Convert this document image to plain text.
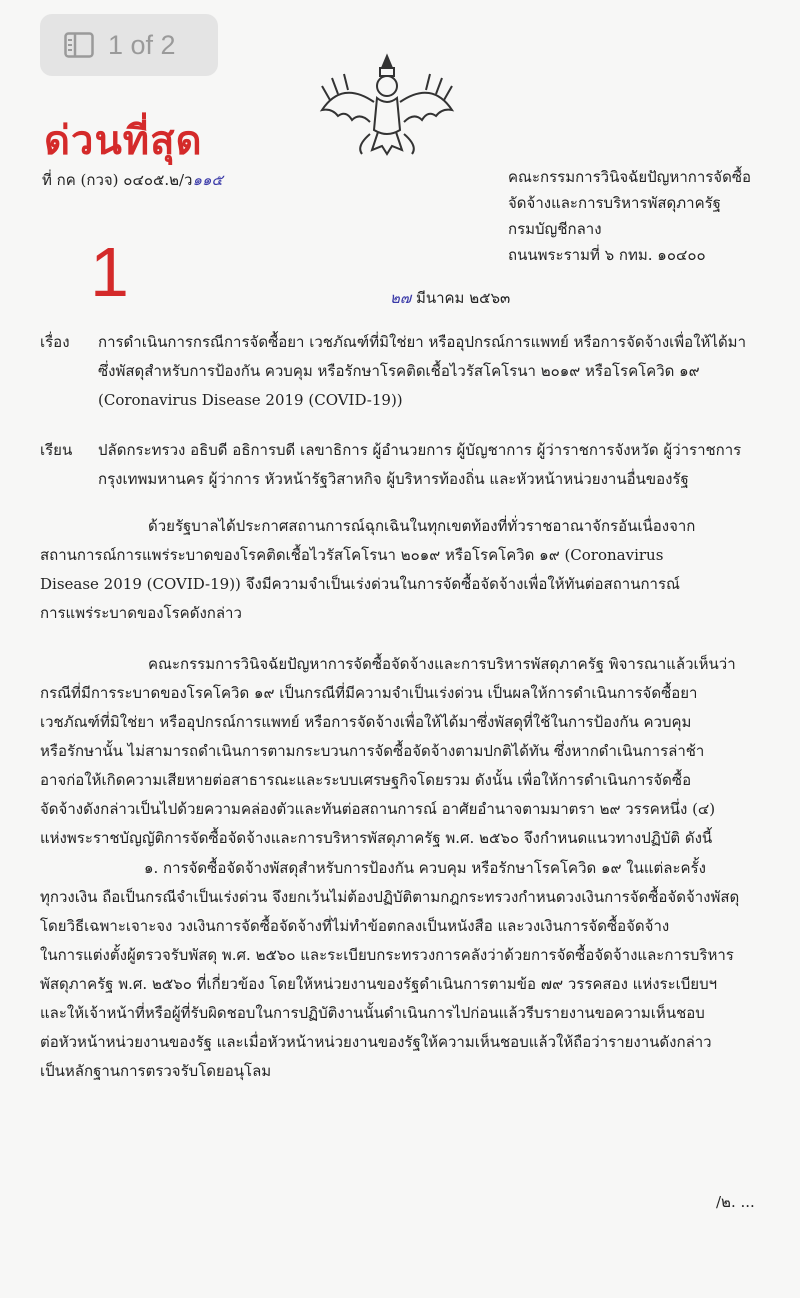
1 of 2
ด่วนที่สุด
ที่ กค (กวจ) ๐๔๐๕.๒/ว๑๑๕	คณะกรรมการวินิจฉัยปัญหาการจัดซื้อ
จัดจ้างและการบริหารพัสดุภาครัฐ
กรมบัญชีกลาง
ถนนพระรามที่ ๖ กทม. ๑๐๔๐๐
1	๒๗ มีนาคม ๒๕๖๓
เรื่อง การดำเนินการกรณีการจัดซื้อยา เวชภัณฑ์ที่มิใช่ยา หรืออุปกรณ์การแพทย์ หรือการจัดจ้างเพื่อให้ได้มา
ซึ่งพัสดุสำหรับการป้องกัน ควบคุม หรือรักษาโรคติดเชื้อไวรัสโคโรนา ๒๐๑๙ หรือโรคโควิด ๑๙
(Coronavirus Disease 2019 (COVID-19))
เรียน ปลัดกระทรวง อธิบดี อธิการบดี เลขาธิการ ผู้อำนวยการ ผู้บัญชาการ ผู้ว่าราชการจังหวัด ผู้ว่าราชการ
กรุงเทพมหานคร ผู้ว่าการ หัวหน้ารัฐวิสาหกิจ ผู้บริหารท้องถิ่น และหัวหน้าหน่วยงานอื่นของรัฐ
ด้วยรัฐบาลได้ประกาศสถานการณ์ฉุกเฉินในทุกเขตท้องที่ทั่วราชอาณาจักรอันเนื่องจาก
สถานการณ์การแพร่ระบาดของโรคติดเชื้อไวรัสโคโรนา ๒๐๑๙ หรือโรคโควิด ๑๙ (Coronavirus
Disease 2019 (COVID-19)) จึงมีความจำเป็นเร่งด่วนในการจัดซื้อจัดจ้างเพื่อให้ทันต่อสถานการณ์
การแพร่ระบาดของโรคดังกล่าว
คณะกรรมการวินิจฉัยปัญหาการจัดซื้อจัดจ้างและการบริหารพัสดุภาครัฐ พิจารณาแล้วเห็นว่า
กรณีที่มีการระบาดของโรคโควิด ๑๙ เป็นกรณีที่มีความจำเป็นเร่งด่วน เป็นผลให้การดำเนินการจัดซื้อยา
เวชภัณฑ์ที่มิใช่ยา หรืออุปกรณ์การแพทย์ หรือการจัดจ้างเพื่อให้ได้มาซึ่งพัสดุที่ใช้ในการป้องกัน ควบคุม
หรือรักษานั้น ไม่สามารถดำเนินการตามกระบวนการจัดซื้อจัดจ้างตามปกติได้ทัน ซึ่งหากดำเนินการล่าช้า
อาจก่อให้เกิดความเสียหายต่อสาธารณะและระบบเศรษฐกิจโดยรวม ดังนั้น เพื่อให้การดำเนินการจัดซื้อ
จัดจ้างดังกล่าวเป็นไปด้วยความคล่องตัวและทันต่อสถานการณ์ อาศัยอำนาจตามมาตรา ๒๙ วรรคหนึ่ง (๔)
แห่งพระราชบัญญัติการจัดซื้อจัดจ้างและการบริหารพัสดุภาครัฐ พ.ศ. ๒๕๖๐ จึงกำหนดแนวทางปฏิบัติ ดังนี้
๑. การจัดซื้อจัดจ้างพัสดุสำหรับการป้องกัน ควบคุม หรือรักษาโรคโควิด ๑๙ ในแต่ละครั้ง
ทุกวงเงิน ถือเป็นกรณีจำเป็นเร่งด่วน จึงยกเว้นไม่ต้องปฏิบัติตามกฎกระทรวงกำหนดวงเงินการจัดซื้อจัดจ้างพัสดุ
โดยวิธีเฉพาะเจาะจง วงเงินการจัดซื้อจัดจ้างที่ไม่ทำข้อตกลงเป็นหนังสือ และวงเงินการจัดซื้อจัดจ้าง
ในการแต่งตั้งผู้ตรวจรับพัสดุ พ.ศ. ๒๕๖๐ และระเบียบกระทรวงการคลังว่าด้วยการจัดซื้อจัดจ้างและการบริหาร
พัสดุภาครัฐ พ.ศ. ๒๕๖๐ ที่เกี่ยวข้อง โดยให้หน่วยงานของรัฐดำเนินการตามข้อ ๗๙ วรรคสอง แห่งระเบียบฯ
และให้เจ้าหน้าที่หรือผู้ที่รับผิดชอบในการปฏิบัติงานนั้นดำเนินการไปก่อนแล้วรีบรายงานขอความเห็นชอบ
ต่อหัวหน้าหน่วยงานของรัฐ และเมื่อหัวหน้าหน่วยงานของรัฐให้ความเห็นชอบแล้วให้ถือว่ารายงานดังกล่าว
เป็นหลักฐานการตรวจรับโดยอนุโลม
/๒. ...
